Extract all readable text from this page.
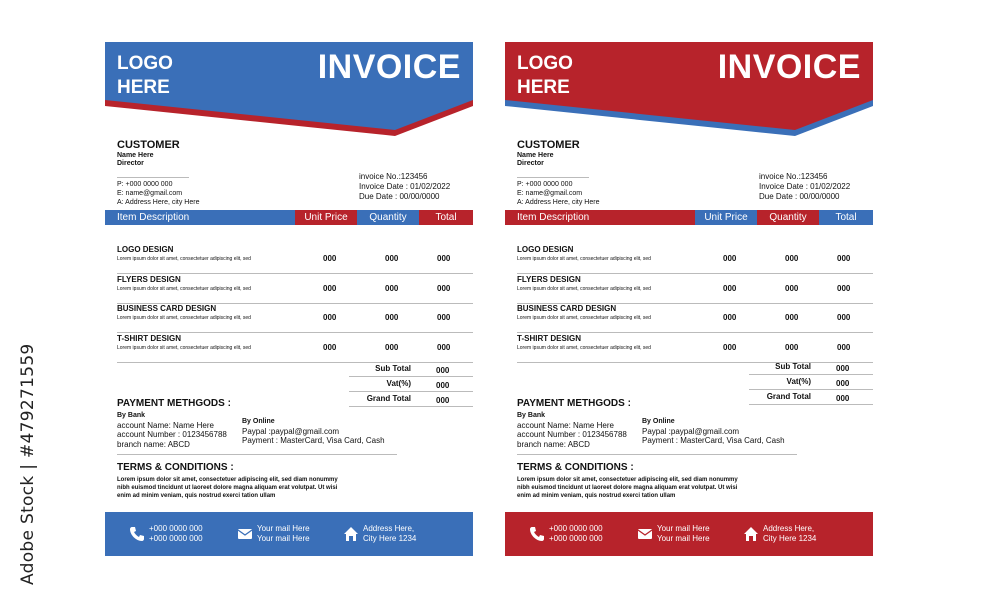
Adobe Stock | #479271559
LOGO HERE
INVOICE
CUSTOMER
Name Here
Director
P: +000 0000 000
E: name@gmail.com
A: Address Here, city Here
invoice No.:123456
Invoice Date : 01/02/2022
Due Date : 00/00/0000
Item Description	Unit Price	Quantity	Total
LOGO DESIGN
Lorem ipsum dolor sit amet, consectetuer adipiscing elit, sed	000	000	000
FLYERS DESIGN
Lorem ipsum dolor sit amet, consectetuer adipiscing elit, sed	000	000	000
BUSINESS CARD DESIGN
Lorem ipsum dolor sit amet, consectetuer adipiscing elit, sed	000	000	000
T-SHIRT DESIGN
Lorem ipsum dolor sit amet, consectetuer adipiscing elit, sed	000	000	000
Sub Total	000
Vat(%)	000
Grand Total	000
PAYMENT METHGODS :
By Bank
account Name: Name Here
account Number : 0123456788
branch name: ABCD
By Online
Paypal :paypal@gmail.com
Payment : MasterCard, Visa Card, Cash
TERMS & CONDITIONS :
Lorem ipsum dolor sit amet, consectetuer adipiscing elit, sed diam nonummy nibh euismod tincidunt ut laoreet dolore magna aliquam erat volutpat. Ut wisi enim ad minim veniam, quis nostrud exerci tation ullam
+000 0000 000
+000 0000 000
Your mail Here
Your mail Here
Address Here,
City Here 1234
LOGO HERE
INVOICE
CUSTOMER
Name Here
Director
P: +000 0000 000
E: name@gmail.com
A: Address Here, city Here
invoice No.:123456
Invoice Date : 01/02/2022
Due Date : 00/00/0000
Item Description	Unit Price	Quantity	Total
LOGO DESIGN
Lorem ipsum dolor sit amet, consectetuer adipiscing elit, sed	000	000	000
FLYERS DESIGN
Lorem ipsum dolor sit amet, consectetuer adipiscing elit, sed	000	000	000
BUSINESS CARD DESIGN
Lorem ipsum dolor sit amet, consectetuer adipiscing elit, sed	000	000	000
T-SHIRT DESIGN
Lorem ipsum dolor sit amet, consectetuer adipiscing elit, sed	000	000	000
Sub Total	000
Vat(%)	000
Grand Total	000
PAYMENT METHGODS :
By Bank
account Name: Name Here
account Number : 0123456788
branch name: ABCD
By Online
Paypal :paypal@gmail.com
Payment : MasterCard, Visa Card, Cash
TERMS & CONDITIONS :
Lorem ipsum dolor sit amet, consectetuer adipiscing elit, sed diam nonummy nibh euismod tincidunt ut laoreet dolore magna aliquam erat volutpat. Ut wisi enim ad minim veniam, quis nostrud exerci tation ullam
+000 0000 000
+000 0000 000
Your mail Here
Your mail Here
Address Here,
City Here 1234
